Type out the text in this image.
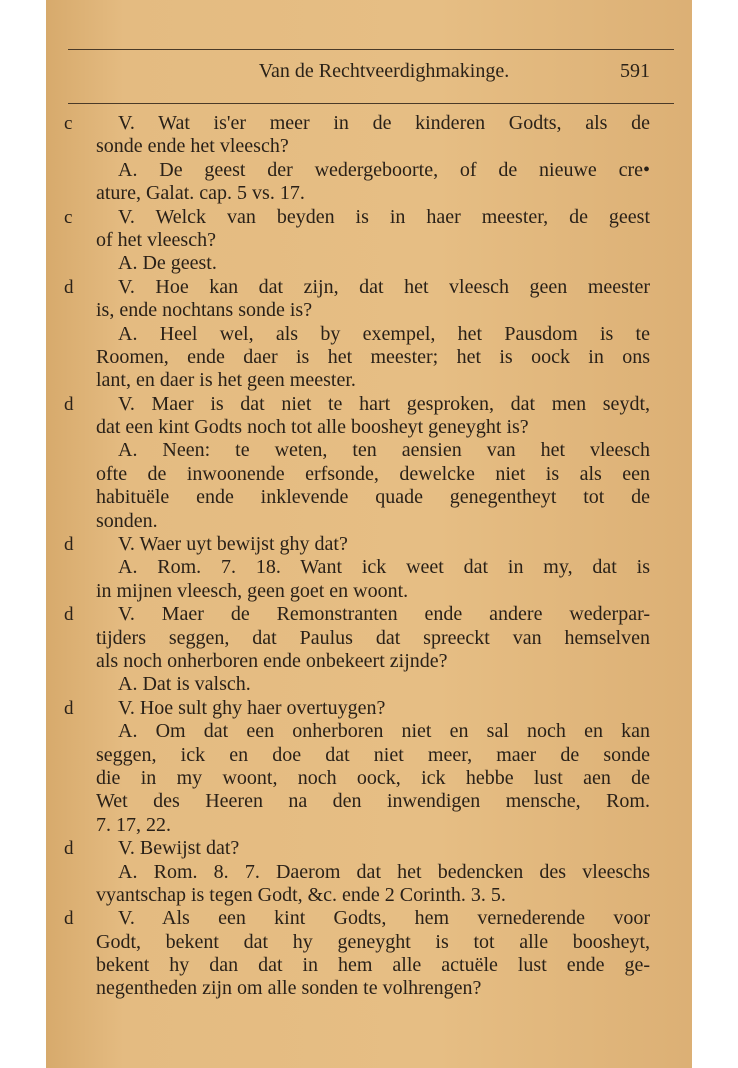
Van de Rechtveerdighmakinge.	591
c V. Wat is'er meer in de kinderen Godts, als de
sonde ende het vleesch?
A. De geest der wedergeboorte, of de nieuwe cre•
ature, Galat. cap. 5 vs. 17.
c V. Welck van beyden is in haer meester, de geest
of het vleesch?
A. De geest.
d V. Hoe kan dat zijn, dat het vleesch geen meester
is, ende nochtans sonde is?
A. Heel wel, als by exempel, het Pausdom is te
Roomen, ende daer is het meester; het is oock in ons
lant, en daer is het geen meester.
d V. Maer is dat niet te hart gesproken, dat men seydt,
dat een kint Godts noch tot alle boosheyt geneyght is?
A. Neen: te weten, ten aensien van het vleesch
ofte de inwoonende erfsonde, dewelcke niet is als een
habituële ende inklevende quade genegentheyt tot de
sonden.
d V. Waer uyt bewijst ghy dat?
A. Rom. 7. 18. Want ick weet dat in my, dat is
in mijnen vleesch, geen goet en woont.
d V. Maer de Remonstranten ende andere wederpar-
tijders seggen, dat Paulus dat spreeckt van hemselven
als noch onherboren ende onbekeert zijnde?
A. Dat is valsch.
d V. Hoe sult ghy haer overtuygen?
A. Om dat een onherboren niet en sal noch en kan
seggen, ick en doe dat niet meer, maer de sonde
die in my woont, noch oock, ick hebbe lust aen de
Wet des Heeren na den inwendigen mensche, Rom.
7. 17, 22.
d V. Bewijst dat?
A. Rom. 8. 7. Daerom dat het bedencken des vleeschs
vyantschap is tegen Godt, &c. ende 2 Corinth. 3. 5.
d V. Als een kint Godts, hem vernederende voor
Godt, bekent dat hy geneyght is tot alle boosheyt,
bekent hy dan dat in hem alle actuële lust ende ge-
negentheden zijn om alle sonden te volhrengen?
